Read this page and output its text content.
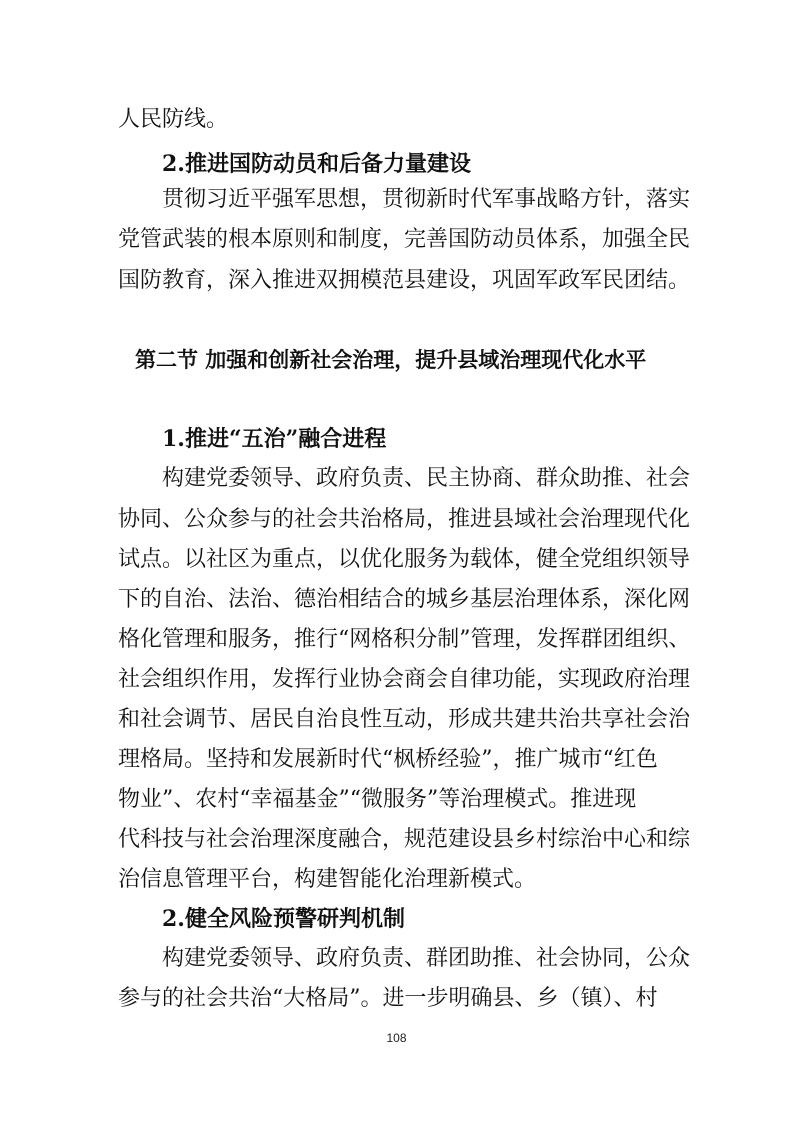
人民防线。
2.推进国防动员和后备力量建设
贯彻习近平强军思想，贯彻新时代军事战略方针，落实
党管武装的根本原则和制度，完善国防动员体系，加强全民
国防教育，深入推进双拥模范县建设，巩固军政军民团结。
第二节 加强和创新社会治理，提升县域治理现代化水平
1.推进“五治”融合进程
构建党委领导、政府负责、民主协商、群众助推、社会
协同、公众参与的社会共治格局，推进县域社会治理现代化
试点。以社区为重点，以优化服务为载体，健全党组织领导
下的自治、法治、德治相结合的城乡基层治理体系，深化网
格化管理和服务，推行“网格积分制”管理，发挥群团组织、
社会组织作用，发挥行业协会商会自律功能，实现政府治理
和社会调节、居民自治良性互动，形成共建共治共享社会治
理格局。坚持和发展新时代“枫桥经验”，推广城市“红色
物业”、农村“幸福基金”“微服务”等治理模式。推进现
代科技与社会治理深度融合，规范建设县乡村综治中心和综
治信息管理平台，构建智能化治理新模式。
2.健全风险预警研判机制
构建党委领导、政府负责、群团助推、社会协同，公众
参与的社会共治“大格局”。进一步明确县、乡（镇）、村
108
